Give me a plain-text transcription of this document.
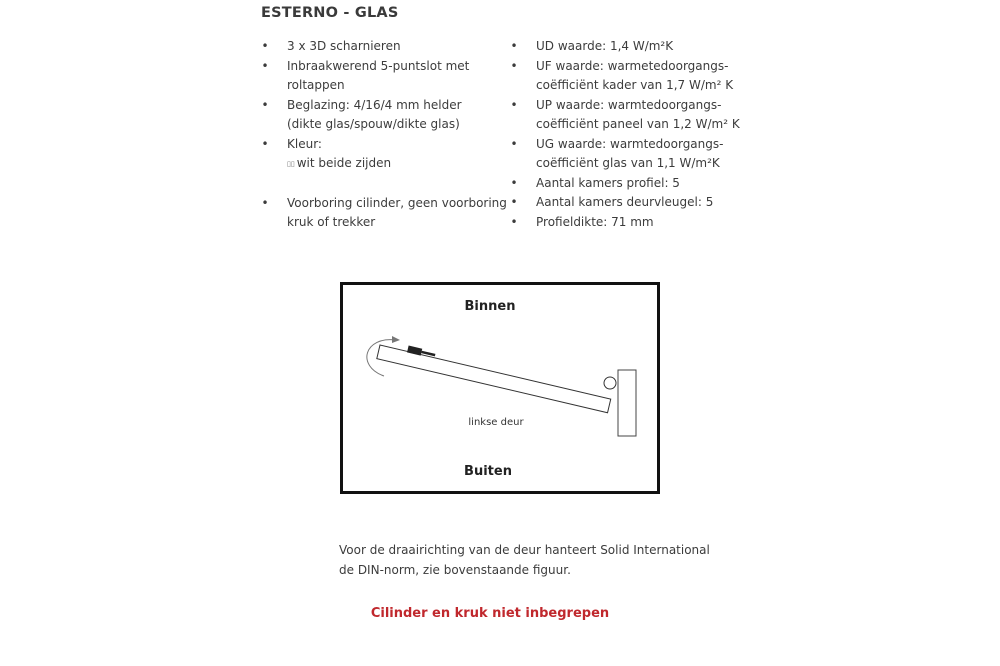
ESTERNO - GLAS
• 3 x 3D scharnieren
• Inbraakwerend 5-puntslot met
roltappen
• Beglazing: 4/16/4 mm helder
(dikte glas/spouw/dikte glas)
• Kleur:
▯▯ wit beide zijden
• Voorboring cilinder, geen voorboring
kruk of trekker
• UD waarde: 1,4 W/m²K
• UF waarde: warmetedoorgangs-
coëfficiënt kader van 1,7 W/m² K
• UP waarde: warmtedoorgangs-
coëfficiënt paneel van 1,2 W/m² K
• UG waarde: warmtedoorgangs-
coëfficiënt glas van 1,1 W/m²K
• Aantal kamers profiel: 5
• Aantal kamers deurvleugel: 5
• Profieldikte: 71 mm
Binnen
linkse deur
Buiten
Voor de draairichting van de deur hanteert Solid International
de DIN-norm, zie bovenstaande figuur.
Cilinder en kruk niet inbegrepen
